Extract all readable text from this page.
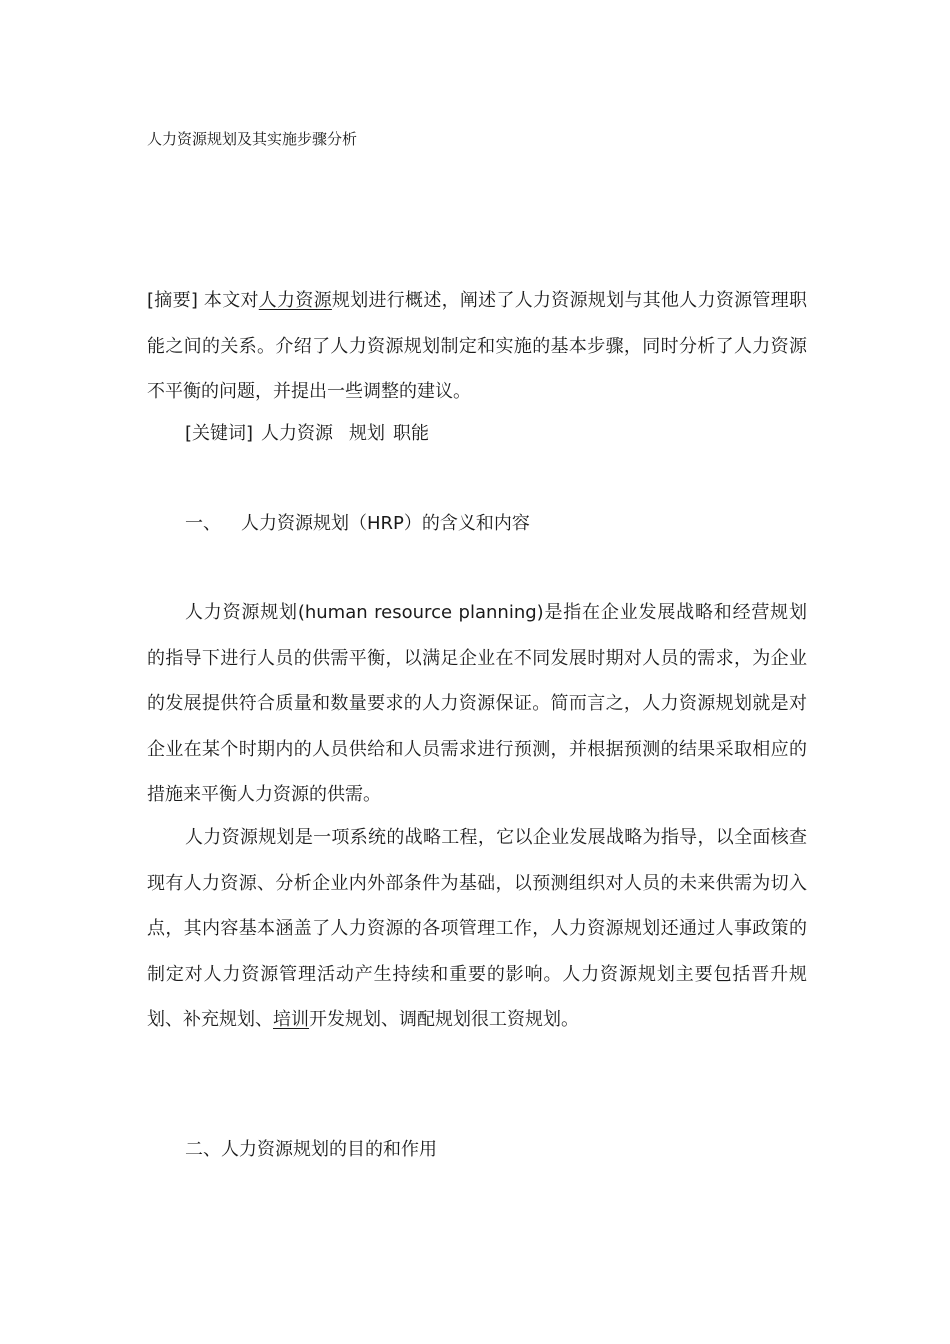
人力资源规划及其实施步骤分析

[摘要] 本文对人力资源规划进行概述，阐述了人力资源规划与其他人力资源管理职能之间的关系。介绍了人力资源规划制定和实施的基本步骤，同时分析了人力资源不平衡的问题，并提出一些调整的建议。

[关键词] 人力资源 规划 职能

一、 人力资源规划（HRP）的含义和内容

人力资源规划(human resource planning)是指在企业发展战略和经营规划的指导下进行人员的供需平衡，以满足企业在不同发展时期对人员的需求，为企业的发展提供符合质量和数量要求的人力资源保证。简而言之，人力资源规划就是对企业在某个时期内的人员供给和人员需求进行预测，并根据预测的结果采取相应的措施来平衡人力资源的供需。

人力资源规划是一项系统的战略工程，它以企业发展战略为指导，以全面核查现有人力资源、分析企业内外部条件为基础，以预测组织对人员的未来供需为切入点，其内容基本涵盖了人力资源的各项管理工作，人力资源规划还通过人事政策的制定对人力资源管理活动产生持续和重要的影响。人力资源规划主要包括晋升规划、补充规划、培训开发规划、调配规划很工资规划。

二、人力资源规划的目的和作用
